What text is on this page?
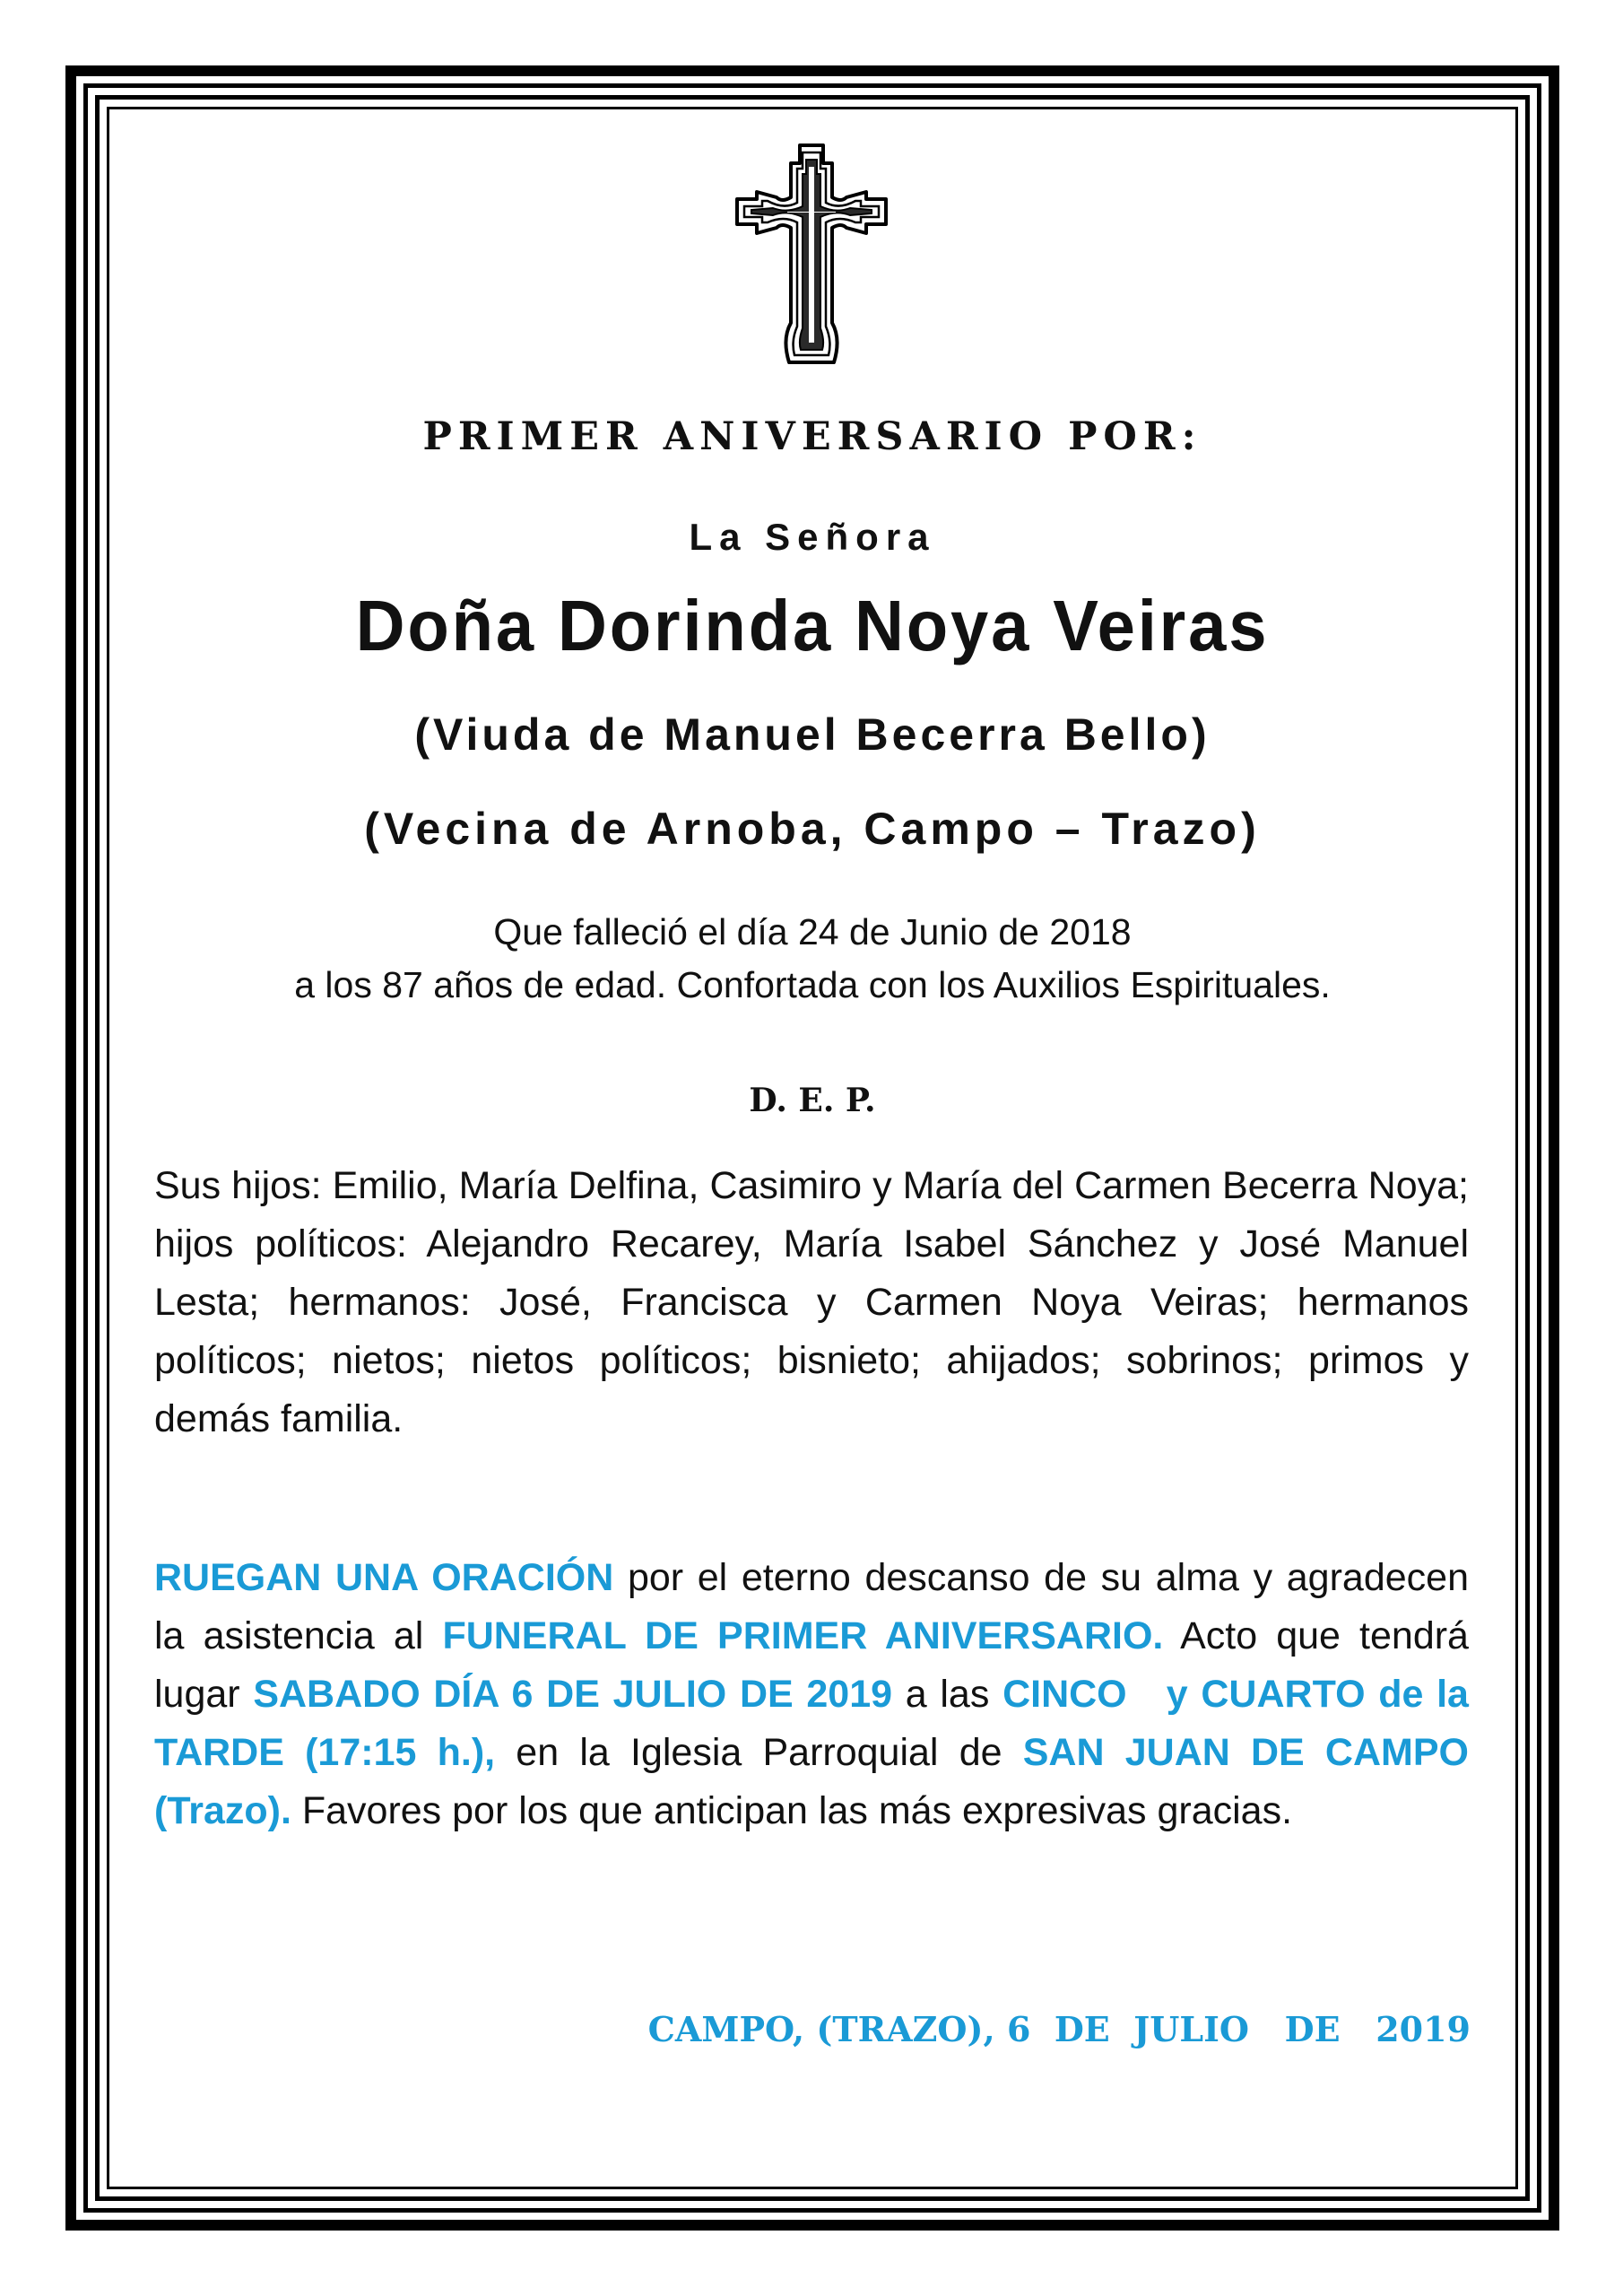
PRIMER ANIVERSARIO POR:
La Señora
Doña Dorinda Noya Veiras
(Viuda de Manuel Becerra Bello)
(Vecina de Arnoba, Campo – Trazo)
Que falleció el día 24 de Junio de 2018
a los 87 años de edad. Confortada con los Auxilios Espirituales.
D. E. P.

Sus hijos: Emilio, María Delfina, Casimiro y María del Carmen Becerra Noya; hijos políticos: Alejandro Recarey, María Isabel Sánchez y José Manuel Lesta; hermanos: José, Francisca y Carmen Noya Veiras; hermanos políticos; nietos; nietos políticos; bisnieto; ahijados; sobrinos; primos y demás familia.

RUEGAN UNA ORACIÓN por el eterno descanso de su alma y agradecen la asistencia al FUNERAL DE PRIMER ANIVERSARIO. Acto que tendrá lugar SABADO DÍA 6 DE JULIO DE 2019 a las CINCO   y CUARTO de la TARDE (17:15 h.), en la Iglesia Parroquial de SAN JUAN DE CAMPO (Trazo). Favores por los que anticipan las más expresivas gracias.

CAMPO, (TRAZO), 6  DE  JULIO   DE   2019
